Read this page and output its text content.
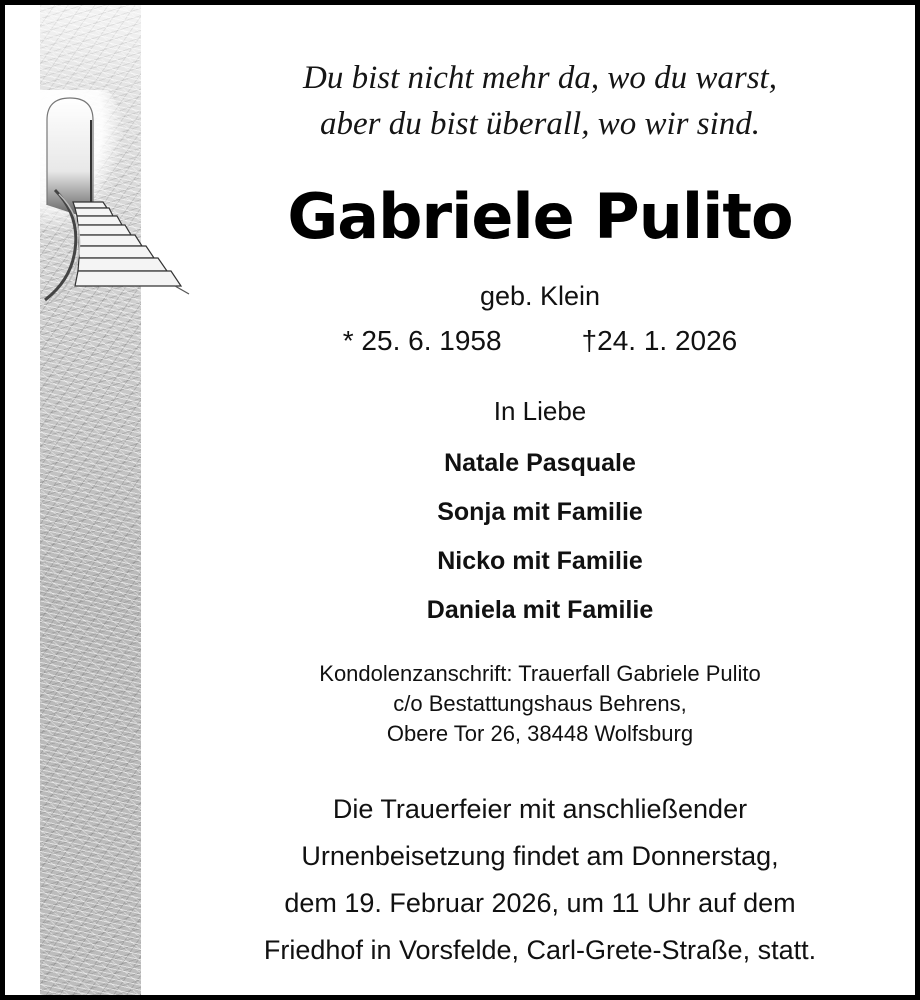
Du bist nicht mehr da, wo du warst,
aber du bist überall, wo wir sind.
Gabriele Pulito
geb. Klein
* 25. 6. 1958	†24. 1. 2026
In Liebe
Natale Pasquale
Sonja mit Familie
Nicko mit Familie
Daniela mit Familie
Kondolenzanschrift: Trauerfall Gabriele Pulito
c/o Bestattungshaus Behrens,
Obere Tor 26, 38448 Wolfsburg
Die Trauerfeier mit anschließender
Urnenbeisetzung findet am Donnerstag,
dem 19. Februar 2026, um 11 Uhr auf dem
Friedhof in Vorsfelde, Carl-Grete-Straße, statt.
